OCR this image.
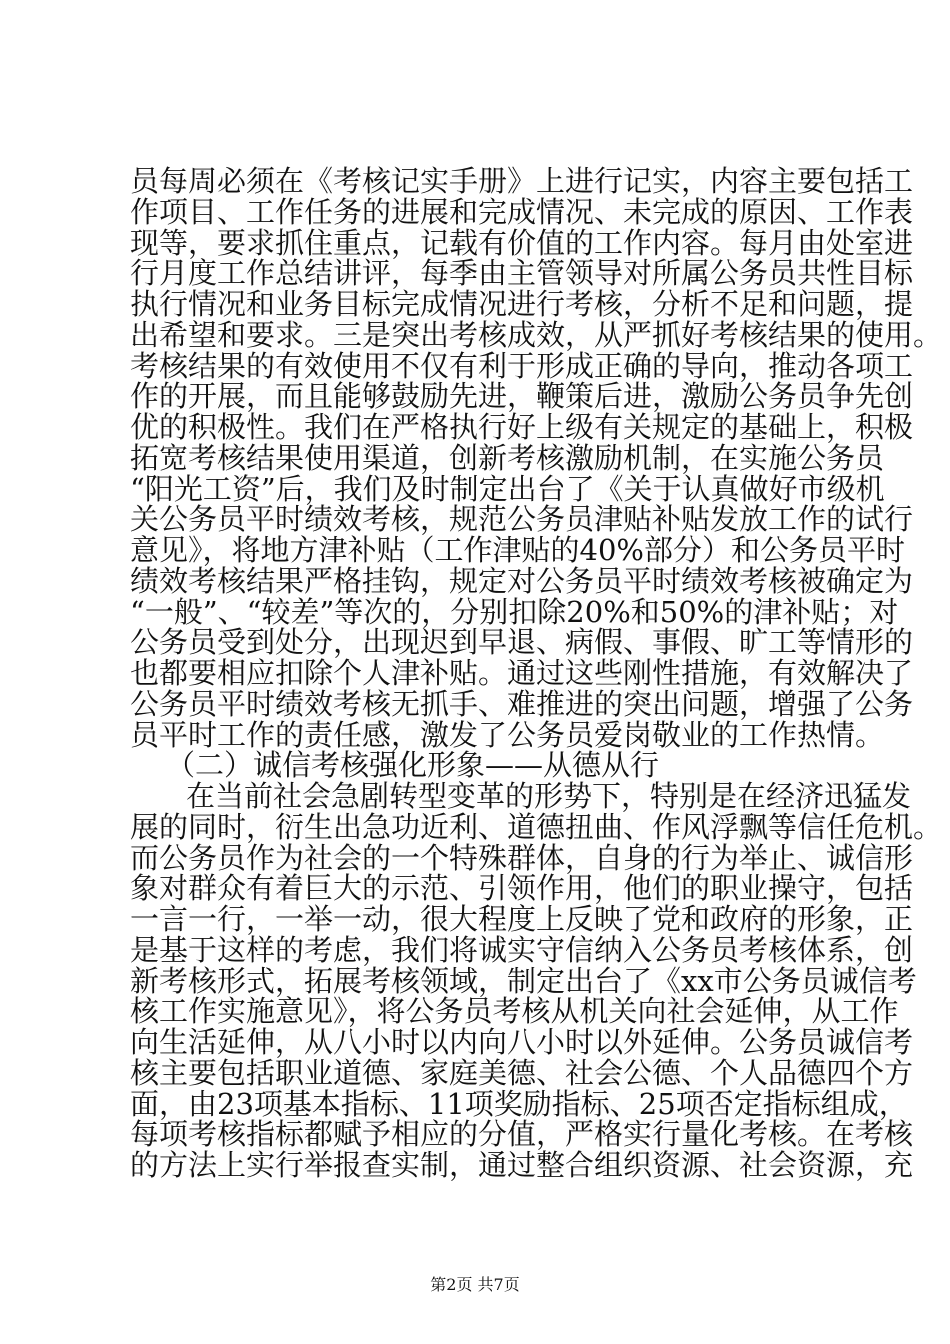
员每周必须在《考核记实手册》上进行记实，内容主要包括工
作项目、工作任务的进展和完成情况、未完成的原因、工作表
现等，要求抓住重点，记载有价值的工作内容。每月由处室进
行月度工作总结讲评，每季由主管领导对所属公务员共性目标
执行情况和业务目标完成情况进行考核，分析不足和问题，提
出希望和要求。三是突出考核成效，从严抓好考核结果的使用。
考核结果的有效使用不仅有利于形成正确的导向，推动各项工
作的开展，而且能够鼓励先进，鞭策后进，激励公务员争先创
优的积极性。我们在严格执行好上级有关规定的基础上，积极
拓宽考核结果使用渠道，创新考核激励机制，在实施公务员
“阳光工资”后，我们及时制定出台了《关于认真做好市级机
关公务员平时绩效考核，规范公务员津贴补贴发放工作的试行
意见》，将地方津补贴（工作津贴的40%部分）和公务员平时
绩效考核结果严格挂钩，规定对公务员平时绩效考核被确定为
“一般”、“较差”等次的，分别扣除20%和50%的津补贴；对
公务员受到处分，出现迟到早退、病假、事假、旷工等情形的
也都要相应扣除个人津补贴。通过这些刚性措施，有效解决了
公务员平时绩效考核无抓手、难推进的突出问题，增强了公务
员平时工作的责任感，激发了公务员爱岗敬业的工作热情。
（二）诚信考核强化形象——从德从行
在当前社会急剧转型变革的形势下，特别是在经济迅猛发
展的同时，衍生出急功近利、道德扭曲、作风浮飘等信任危机。
而公务员作为社会的一个特殊群体，自身的行为举止、诚信形
象对群众有着巨大的示范、引领作用，他们的职业操守，包括
一言一行，一举一动，很大程度上反映了党和政府的形象，正
是基于这样的考虑，我们将诚实守信纳入公务员考核体系，创
新考核形式，拓展考核领域，制定出台了《xx市公务员诚信考
核工作实施意见》，将公务员考核从机关向社会延伸，从工作
向生活延伸，从八小时以内向八小时以外延伸。公务员诚信考
核主要包括职业道德、家庭美德、社会公德、个人品德四个方
面，由23项基本指标、11项奖励指标、25项否定指标组成，
每项考核指标都赋予相应的分值，严格实行量化考核。在考核
的方法上实行举报查实制，通过整合组织资源、社会资源，充
第2页 共7页
